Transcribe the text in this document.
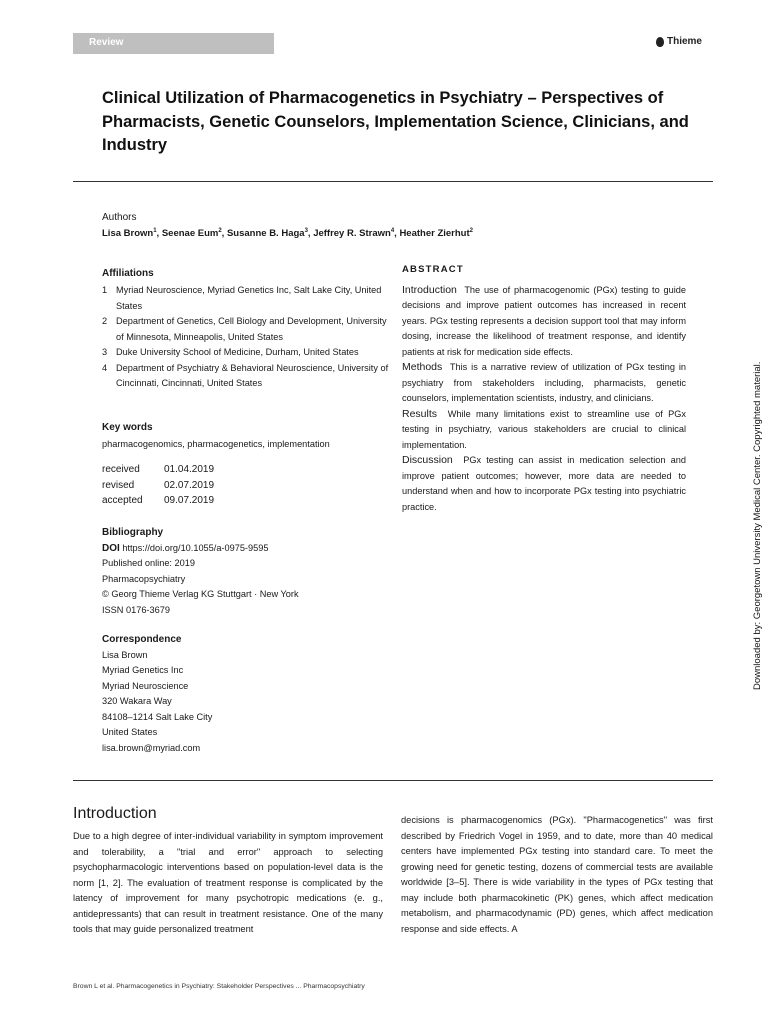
Review	Thieme
Clinical Utilization of Pharmacogenetics in Psychiatry – Perspectives of Pharmacists, Genetic Counselors, Implementation Science, Clinicians, and Industry
Authors
Lisa Brown$^1$, Seenae Eum$^2$, Susanne B. Haga$^3$, Jeffrey R. Strawn$^4$, Heather Zierhut$^2$
Affiliations
1 Myriad Neuroscience, Myriad Genetics Inc, Salt Lake City, United States
2 Department of Genetics, Cell Biology and Development, University of Minnesota, Minneapolis, United States
3 Duke University School of Medicine, Durham, United States
4 Department of Psychiatry & Behavioral Neuroscience, University of Cincinnati, Cincinnati, United States
Key words
pharmacogenomics, pharmacogenetics, implementation
received	01.04.2019
revised	02.07.2019
accepted	09.07.2019
Bibliography
DOI https://doi.org/10.1055/a-0975-9595
Published online: 2019
Pharmacopsychiatry
© Georg Thieme Verlag KG Stuttgart · New York
ISSN 0176-3679
Correspondence
Lisa Brown
Myriad Genetics Inc
Myriad Neuroscience
320 Wakara Way
84108–1214 Salt Lake City
United States
lisa.brown@myriad.com
ABSTRACT

Introduction The use of pharmacogenomic (PGx) testing to guide decisions and improve patient outcomes has increased in recent years. PGx testing represents a decision support tool that may inform dosing, increase the likelihood of treatment response, and identify patients at risk for medication side effects.

Methods This is a narrative review of utilization of PGx testing in psychiatry from stakeholders including, pharmacists, genetic counselors, implementation scientists, industry, and clinicians.

Results While many limitations exist to streamline use of PGx testing in psychiatry, various stakeholders are crucial to clinical implementation.

Discussion PGx testing can assist in medication selection and improve patient outcomes; however, more data are needed to understand when and how to incorporate PGx testing into psychiatric practice.

Introduction

Due to a high degree of inter-individual variability in symptom improvement and tolerability, a "trial and error" approach to selecting psychopharmacologic interventions based on population-level data is the norm [1, 2]. The evaluation of treatment response is complicated by the latency of improvement for many psychotropic medications (e. g., antidepressants) that can result in treatment resistance. One of the many tools that may guide personalized treatment

decisions is pharmacogenomics (PGx). "Pharmacogenetics" was first described by Friedrich Vogel in 1959, and to date, more than 40 medical centers have implemented PGx testing into standard care. To meet the growing need for genetic testing, dozens of commercial tests are available worldwide [3–5]. There is wide variability in the types of PGx testing that may include both pharmacokinetic (PK) genes, which affect medication metabolism, and pharmacodynamic (PD) genes, which affect medication response and side effects. A

Brown L et al. Pharmacogenetics in Psychiatry: Stakeholder Perspectives ... Pharmacopsychiatry
Downloaded by: Georgetown University Medical Center. Copyrighted material.
